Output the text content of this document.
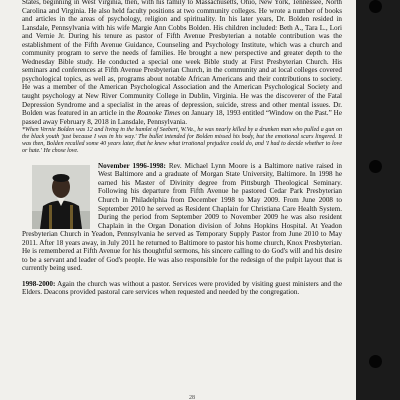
States, beginning in West Virginia, then, with his family to Massachusetts, Ohio, New York, Tennessee, North Carolina and Virginia. He also held faculty positions at two community colleges. He wrote a number of books and articles in the areas of psychology, religion and spirituality. In his later years, Dr. Bolden resided in Lansdale, Pennsylvania with his wife Margie Ann Cobbs Bolden. His children included: Beth A., Tara L., Lori and Vernie Jr. During his tenure as pastor of Fifth Avenue Presbyterian a notable contribution was the establishment of the Fifth Avenue Guidance, Counseling and Psychology Institute, which was a church and community program to serve the needs of families. He brought a new perspective and greater depth to the Wednesday Bible study. He conducted a special one week Bible study at First Presbyterian Church. His seminars and conferences at Fifth Avenue Presbyterian Church, in the community and at local colleges covered psychological topics, as well as, programs about notable African Americans and their contributions to society. He was a member of the American Psychological Association and the American Psychological Society and taught psychology at New River Community College in Dublin, Virginia. He was the discoverer of the Fatal Depression Syndrome and a specialist in the areas of depression, suicide, stress and other mental issues. Dr. Bolden was featured in an article in the Roanoke Times on January 18, 1993 entitled “Window on the Past.” He passed away February 8, 2018 in Lansdale, Pennsylvania.

*When Vernie Bolden was 12 and living in the hamlet of Seebert, W.Va., he was nearly killed by a drunken man who pulled a gun on the black youth 'just because I was in his way.' The bullet intended for Bolden missed his body, but the emotional scars lingered. It was then, Bolden recalled some 40 years later, that he knew what irrational prejudice could do, and 'I had to decide whether to love or hate.' He chose love.

November 1996-1998: Rev. Michael Lynn Moore is a Baltimore native raised in West Baltimore and a graduate of Morgan State University, Baltimore. In 1998 he earned his Master of Divinity degree from Pittsburgh Theological Seminary. Following his departure from Fifth Avenue he pastored Cedar Park Presbyterian Church in Philadelphia from December 1998 to May 2009. From June 2008 to September 2010 he served as Resident Chaplain for Christiana Care Health System. During the period from September 2009 to November 2009 he was also resident Chaplain in the Organ Donation division of Johns Hopkins Hospital. At Yeadon Presbyterian Church in Yeadon, Pennsylvania he served as Temporary Supply Pastor from June 2010 to May 2011. After 18 years away, in July 2011 he returned to Baltimore to pastor his home church, Knox Presbyterian. He is remembered at Fifth Avenue for his thoughtful sermons, his sincere calling to do God's will and his desire to be a servant and leader of God's people. He was also responsible for the redesign of the pulpit layout that is currently being used.

1998-2000: Again the church was without a pastor. Services were provided by visiting guest ministers and the Elders. Deacons provided pastoral care services when requested and needed by the congregation.

28
